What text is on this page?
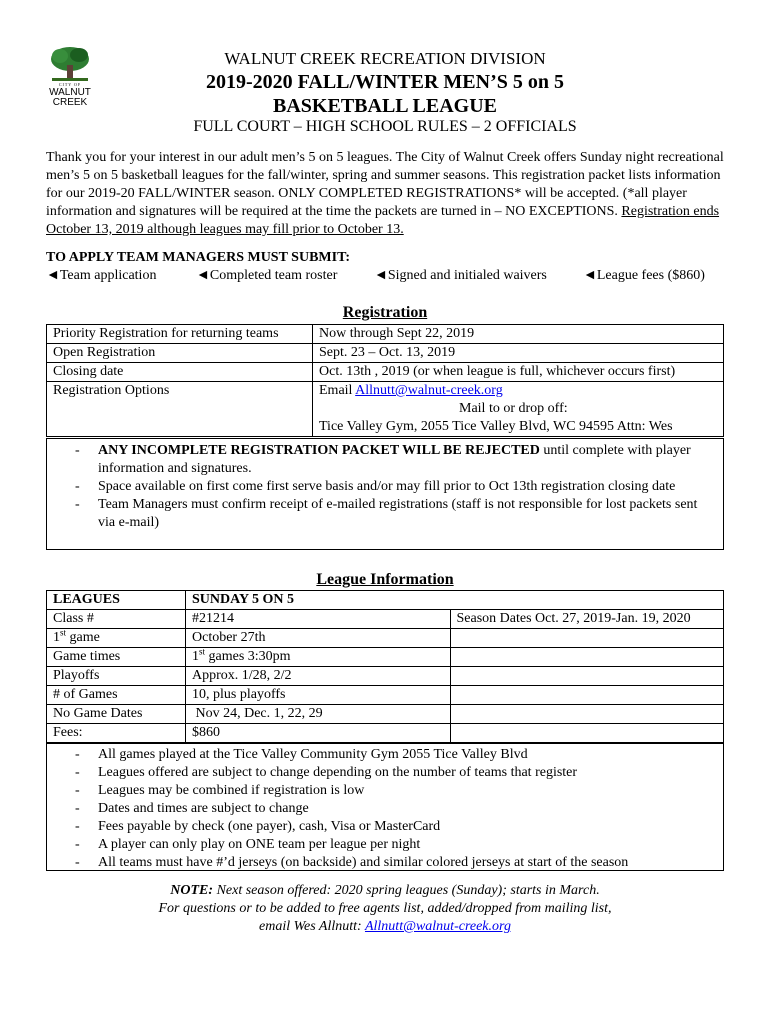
CITY OF
WALNUT
CREEK
WALNUT CREEK RECREATION DIVISION
2019-2020 FALL/WINTER MEN’S 5 on 5
BASKETBALL LEAGUE
FULL COURT – HIGH SCHOOL RULES – 2 OFFICIALS
Thank you for your interest in our adult men’s 5 on 5 leagues. The City of Walnut Creek offers Sunday night recreational men’s 5 on 5 basketball leagues for the fall/winter, spring and summer seasons. This registration packet lists information for our 2019-20 FALL/WINTER season. ONLY COMPLETED REGISTRATIONS* will be accepted. (*all player information and signatures will be required at the time the packets are turned in – NO EXCEPTIONS. Registration ends October 13, 2019 although leagues may fill prior to October 13.
TO APPLY TEAM MANAGERS MUST SUBMIT:
◄Team application	◄Completed team roster	◄Signed and initialed waivers	◄League fees ($860)
Registration
Priority Registration for returning teams	Now through Sept 22, 2019
Open Registration	Sept. 23 – Oct. 13, 2019
Closing date	Oct. 13th , 2019 (or when league is full, whichever occurs first)
Registration Options	Email Allnutt@walnut-creek.org
Mail to or drop off:
Tice Valley Gym, 2055 Tice Valley Blvd, WC 94595 Attn: Wes
- ANY INCOMPLETE REGISTRATION PACKET WILL BE REJECTED until complete with player information and signatures.
- Space available on first come first serve basis and/or may fill prior to Oct 13th registration closing date
- Team Managers must confirm receipt of e-mailed registrations (staff is not responsible for lost packets sent via e-mail)
League Information
LEAGUES	SUNDAY 5 ON 5	
Class #	#21214	Season Dates Oct. 27, 2019-Jan. 19, 2020
1st game	October 27th	
Game times	1st games 3:30pm	
Playoffs	Approx. 1/28, 2/2	
# of Games	10, plus playoffs	
No Game Dates	Nov 24, Dec. 1, 22, 29	
Fees:	$860	
- All games played at the Tice Valley Community Gym 2055 Tice Valley Blvd
- Leagues offered are subject to change depending on the number of teams that register
- Leagues may be combined if registration is low
- Dates and times are subject to change
- Fees payable by check (one payer), cash, Visa or MasterCard
- A player can only play on ONE team per league per night
- All teams must have #’d jerseys (on backside) and similar colored jerseys at start of the season
NOTE: Next season offered: 2020 spring leagues (Sunday); starts in March.
For questions or to be added to free agents list, added/dropped from mailing list,
email Wes Allnutt: Allnutt@walnut-creek.org
